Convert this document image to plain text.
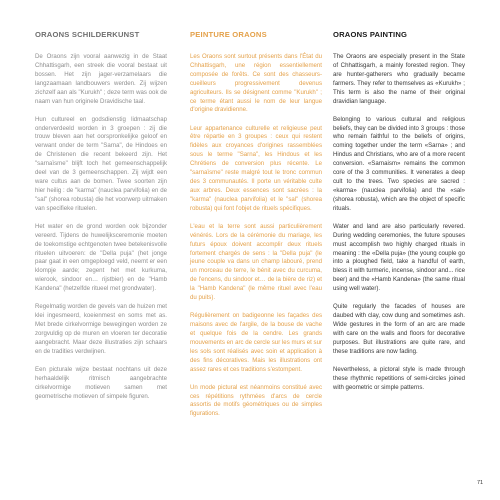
ORAONS SCHILDERKUNST

De Oraons zijn vooral aanwezig in de Staat Chhattisgarh, een streek die vooral bestaat uit bossen. Het zijn jager-verzamelaars die langzaamaan landbouwers werden. Zij wijzen zichzelf aan als "Kurukh" ; deze term was ook de naam van hun originele Dravidische taal.

Hun cultureel en godsdienstig lidmaatschap onderverdeeld worden in 3 groepen : zij die trouw bleven aan het oorspronkelijke geloof en verwant onder de term "Sarna", de Hindoes en de Christenen die recent bekeerd zijn. Het "sarnaïsme" blijft toch het gemeenschappelijk deel van de 3 gemeenschappen. Zij wijdt een ware cultus aan de bomen. Twee soorten zijn hier heilig : de "karma" (nauclea parvifolia) en de "sal" (shorea robusta) die het voorwerp uitmaken van specifieke rituelen.

Het water en de grond worden ook bijzonder vereerd. Tijdens de huwelijksceremonie moeten de toekomstige echtgenoten twee betekenisvolle rituelen uitvoeren: de "Della puja" (het jonge paar gaat in een omgeploegd veld, neemt er een klompje aarde; zegent het met kurkuma, wierook, sindoor en… rijstbier) en de "Hamb Kandena" (hetzelfde ritueel met grondwater).

Regelmatig worden de gevels van de huizen met klei ingesmeerd, koeienmest en soms met as. Met brede cirkelvormige bewegingen worden ze zorgvuldig op de muren en vloeren ter decoratie aangebracht. Maar deze illustraties zijn schaars en de tradities verdwijnen.

Een picturale wijze bestaat nochtans uit deze herhaaldelijk ritmisch aangebrachte cirkelvormige motieven samen met geometrische motieven of simpele figuren.

PEINTURE ORAONS

Les Oraons sont surtout présents dans l'État du Chhattisgarh, une région essentiellement composée de forêts. Ce sont des chasseurs-cueilleurs progressivement devenus agriculteurs. Ils se désignent comme "Kurukh" ; ce terme étant aussi le nom de leur langue d'origine dravidienne.

Leur appartenance culturelle et religieuse peut être répartie en 3 groupes : ceux qui restent fidèles aux croyances d'origines rassemblées sous le terme "Sarna", les Hindous et les Chrétiens de conversion plus récente. Le "sarnaïsme" reste malgré tout le tronc commun des 3 communautés. Il porte un véritable culte aux arbres. Deux essences sont sacrées : la "karma" (nauclea parvifolia) et le "sal" (shorea robusta) qui font l'objet de rituels spécifiques.

L'eau et la terre sont aussi particulièrement vénérés. Lors de la cérémonie du mariage, les futurs époux doivent accomplir deux rituels fortement chargés de sens : la "Della puja" (le jeune couple va dans un champ labouré, prend un morceau de terre, le bénit avec du curcuma, de l'encens, du sindoor et… de la bière de riz) et la "Hamb Kandena" (le même rituel avec l'eau du puits).

Régulièrement on badigeonne les façades des maisons avec de l'argile, de la bouse de vache et quelque fois de la cendre. Les grands mouvements en arc de cercle sur les murs et sur les sols sont réalisés avec soin et application à des fins décoratives. Mais les illustrations ont assez rares et ces traditions s'estompent.

Un mode pictural est néanmoins constitué avec ces répétitions rythmées d'arcs de cercle assortis de motifs géométriques ou de simples figurations.

ORAONS PAINTING

The Oraons are especially present in the State of Chhattisgarh, a mainly forested region. They are hunter-gatherers who gradually became farmers. They refer to themselves as «Kurukh» ; This term is also the name of their original dravidian language.

Belonging to various cultural and religious beliefs, they can be divided into 3 groups : those who remain faithful to the beliefs of origins, coming together under the term «Sarna» ; and Hindus and Christians, who are of a more recent conversion. «Sarnaism» remains the common core of the 3 communities. It venerates a deep cult to the trees. Two species are sacred : «karma» (nauclea parvifolia) and the «sal» (shorea robusta), which are the object of specific rituals.

Water and land are also particularly revered. During wedding ceremonies, the future spouses must accomplish two highly charged rituals in meaning : the «Della puja» (the young couple go into a ploughed field, take a handful of earth, bless it with turmeric, incense, sindoor and... rice beer) and the «Hamb Kandena» (the same ritual using well water).

Quite regularly the facades of houses are daubed with clay, cow dung and sometimes ash. Wide gestures in the form of an arc are made with care on the walls and floors for decorative purposes. But illustrations are quite rare, and these traditions are now fading.

Nevertheless, a pictoral style is made through these rhythmic repetitions of semi-circles joined with geometric or simple patterns.

71
